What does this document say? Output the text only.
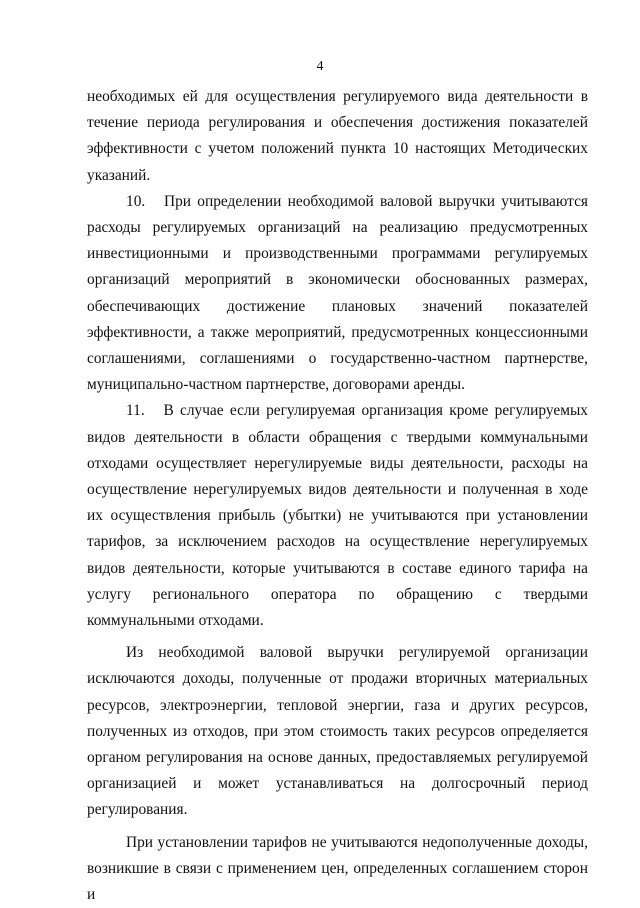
4

необходимых ей для осуществления регулируемого вида деятельности в течение периода регулирования и обеспечения достижения показателей эффективности с учетом положений пункта 10 настоящих Методических указаний.

10.   При определении необходимой валовой выручки учитываются расходы регулируемых организаций на реализацию предусмотренных инвестиционными и производственными программами регулируемых организаций мероприятий в экономически обоснованных размерах, обеспечивающих достижение плановых значений показателей эффективности, а также мероприятий, предусмотренных концессионными соглашениями, соглашениями о государственно-частном партнерстве, муниципально-частном партнерстве, договорами аренды.

11.   В случае если регулируемая организация кроме регулируемых видов деятельности в области обращения с твердыми коммунальными отходами осуществляет нерегулируемые виды деятельности, расходы на осуществление нерегулируемых видов деятельности и полученная в ходе их осуществления прибыль (убытки) не учитываются при установлении тарифов, за исключением расходов на осуществление нерегулируемых видов деятельности, которые учитываются в составе единого тарифа на услугу регионального оператора по обращению с твердыми коммунальными отходами.

Из необходимой валовой выручки регулируемой организации исключаются доходы, полученные от продажи вторичных материальных ресурсов, электроэнергии, тепловой энергии, газа и других ресурсов, полученных из отходов, при этом стоимость таких ресурсов определяется органом регулирования на основе данных, предоставляемых регулируемой организацией и может устанавливаться на долгосрочный период регулирования.

При установлении тарифов не учитываются недополученные доходы, возникшие в связи с применением цен, определенных соглашением сторон и
